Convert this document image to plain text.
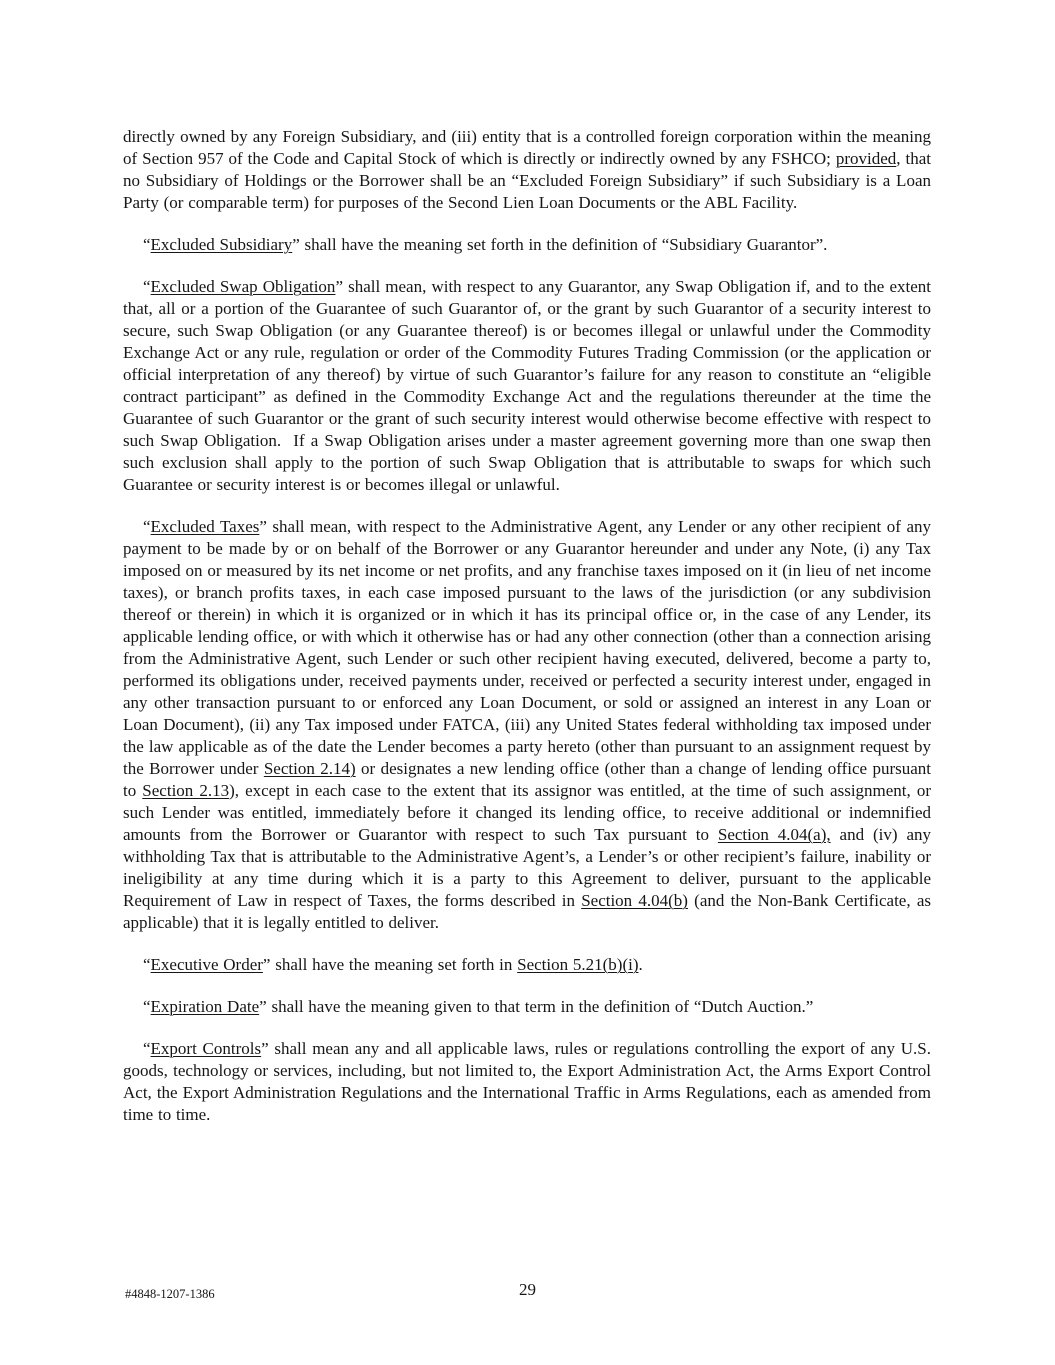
directly owned by any Foreign Subsidiary, and (iii) entity that is a controlled foreign corporation within the meaning of Section 957 of the Code and Capital Stock of which is directly or indirectly owned by any FSHCO; provided, that no Subsidiary of Holdings or the Borrower shall be an “Excluded Foreign Subsidiary” if such Subsidiary is a Loan Party (or comparable term) for purposes of the Second Lien Loan Documents or the ABL Facility.

“Excluded Subsidiary” shall have the meaning set forth in the definition of “Subsidiary Guarantor”.

“Excluded Swap Obligation” shall mean, with respect to any Guarantor, any Swap Obligation if, and to the extent that, all or a portion of the Guarantee of such Guarantor of, or the grant by such Guarantor of a security interest to secure, such Swap Obligation (or any Guarantee thereof) is or becomes illegal or unlawful under the Commodity Exchange Act or any rule, regulation or order of the Commodity Futures Trading Commission (or the application or official interpretation of any thereof) by virtue of such Guarantor’s failure for any reason to constitute an “eligible contract participant” as defined in the Commodity Exchange Act and the regulations thereunder at the time the Guarantee of such Guarantor or the grant of such security interest would otherwise become effective with respect to such Swap Obligation.  If a Swap Obligation arises under a master agreement governing more than one swap then such exclusion shall apply to the portion of such Swap Obligation that is attributable to swaps for which such Guarantee or security interest is or becomes illegal or unlawful.

“Excluded Taxes” shall mean, with respect to the Administrative Agent, any Lender or any other recipient of any payment to be made by or on behalf of the Borrower or any Guarantor hereunder and under any Note, (i) any Tax imposed on or measured by its net income or net profits, and any franchise taxes imposed on it (in lieu of net income taxes), or branch profits taxes, in each case imposed pursuant to the laws of the jurisdiction (or any subdivision thereof or therein) in which it is organized or in which it has its principal office or, in the case of any Lender, its applicable lending office, or with which it otherwise has or had any other connection (other than a connection arising from the Administrative Agent, such Lender or such other recipient having executed, delivered, become a party to, performed its obligations under, received payments under, received or perfected a security interest under, engaged in any other transaction pursuant to or enforced any Loan Document, or sold or assigned an interest in any Loan or Loan Document), (ii) any Tax imposed under FATCA, (iii) any United States federal withholding tax imposed under the law applicable as of the date the Lender becomes a party hereto (other than pursuant to an assignment request by the Borrower under Section 2.14) or designates a new lending office (other than a change of lending office pursuant to Section 2.13), except in each case to the extent that its assignor was entitled, at the time of such assignment, or such Lender was entitled, immediately before it changed its lending office, to receive additional or indemnified amounts from the Borrower or Guarantor with respect to such Tax pursuant to Section 4.04(a), and (iv) any withholding Tax that is attributable to the Administrative Agent’s, a Lender’s or other recipient’s failure, inability or ineligibility at any time during which it is a party to this Agreement to deliver, pursuant to the applicable Requirement of Law in respect of Taxes, the forms described in Section 4.04(b) (and the Non-Bank Certificate, as applicable) that it is legally entitled to deliver.

“Executive Order” shall have the meaning set forth in Section 5.21(b)(i).

“Expiration Date” shall have the meaning given to that term in the definition of “Dutch Auction.”

“Export Controls” shall mean any and all applicable laws, rules or regulations controlling the export of any U.S. goods, technology or services, including, but not limited to, the Export Administration Act, the Arms Export Control Act, the Export Administration Regulations and the International Traffic in Arms Regulations, each as amended from time to time.

29
#4848-1207-1386
